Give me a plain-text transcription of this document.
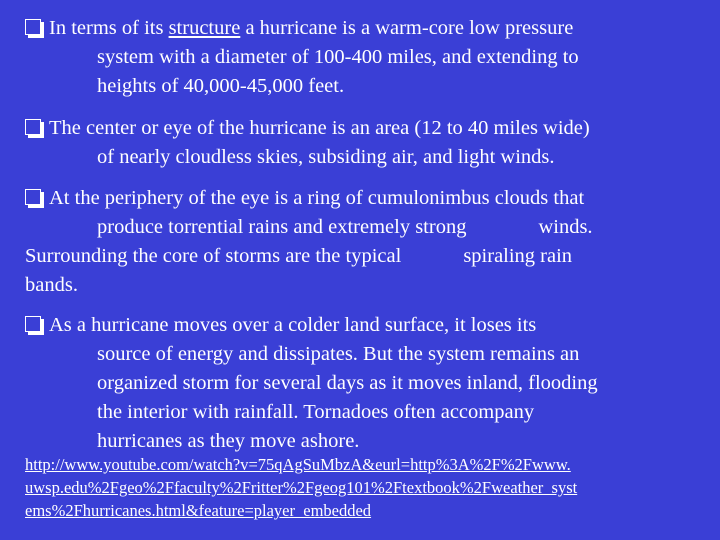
In terms of its structure a hurricane is a warm-core low pressure
system with a diameter of 100-400 miles, and extending to
heights of 40,000-45,000 feet.

The center or eye of the hurricane is an area (12 to 40 miles wide)
of nearly cloudless skies, subsiding air, and light winds.

At the periphery of the eye is a ring of cumulonimbus clouds that
produce torrential rains and extremely strong	winds.
Surrounding the core of storms are the typical	spiraling rain
bands.

As a hurricane moves over a colder land surface, it loses its
source of energy and dissipates. But the system remains an
organized storm for several days as it moves inland, flooding
the interior with rainfall. Tornadoes often accompany
hurricanes as they move ashore.

http://www.youtube.com/watch?v=75qAgSuMbzA&eurl=http%3A%2F%2Fwww.
uwsp.edu%2Fgeo%2Ffaculty%2Fritter%2Fgeog101%2Ftextbook%2Fweather_syst
ems%2Fhurricanes.html&feature=player_embedded
